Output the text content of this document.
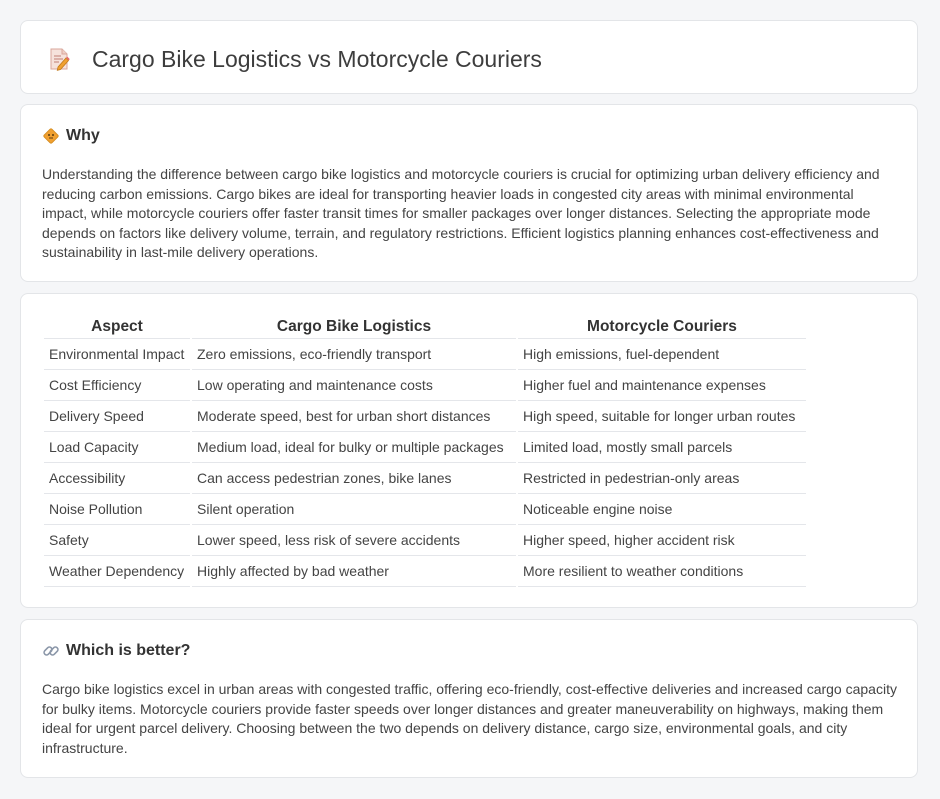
Cargo Bike Logistics vs Motorcycle Couriers
Why

Understanding the difference between cargo bike logistics and motorcycle couriers is crucial for optimizing urban delivery efficiency and reducing carbon emissions. Cargo bikes are ideal for transporting heavier loads in congested city areas with minimal environmental impact, while motorcycle couriers offer faster transit times for smaller packages over longer distances. Selecting the appropriate mode depends on factors like delivery volume, terrain, and regulatory restrictions. Efficient logistics planning enhances cost-effectiveness and sustainability in last-mile delivery operations.

Aspect	Cargo Bike Logistics	Motorcycle Couriers
Environmental Impact	Zero emissions, eco-friendly transport	High emissions, fuel-dependent
Cost Efficiency	Low operating and maintenance costs	Higher fuel and maintenance expenses
Delivery Speed	Moderate speed, best for urban short distances	High speed, suitable for longer urban routes
Load Capacity	Medium load, ideal for bulky or multiple packages	Limited load, mostly small parcels
Accessibility	Can access pedestrian zones, bike lanes	Restricted in pedestrian-only areas
Noise Pollution	Silent operation	Noticeable engine noise
Safety	Lower speed, less risk of severe accidents	Higher speed, higher accident risk
Weather Dependency	Highly affected by bad weather	More resilient to weather conditions
Which is better?

Cargo bike logistics excel in urban areas with congested traffic, offering eco-friendly, cost-effective deliveries and increased cargo capacity for bulky items. Motorcycle couriers provide faster speeds over longer distances and greater maneuverability on highways, making them ideal for urgent parcel delivery. Choosing between the two depends on delivery distance, cargo size, environmental goals, and city infrastructure.
